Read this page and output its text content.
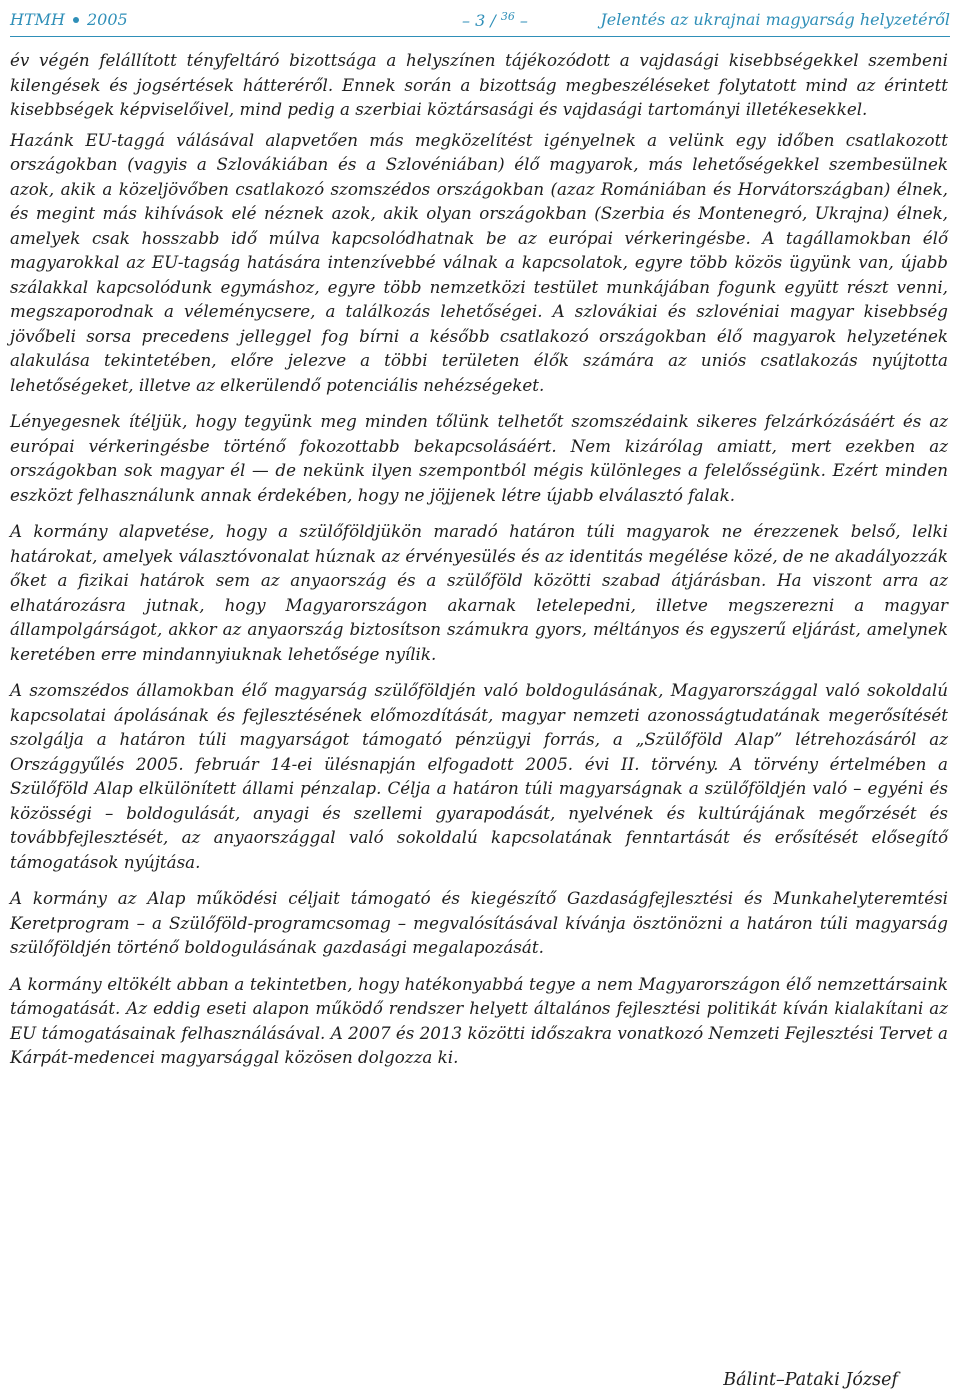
HTMH 2005	– 3 / $^{36}$ –	Jelentés az ukrajnai magyarság helyzetéről

év végén felállított tényfeltáró bizottsága a helyszínen tájékozódott a vajdasági kisebbségekkel szembeni kilengések és jogsértések hátteréről. Ennek során a bizottság megbeszéléseket folytatott mind az érintett kisebbségek képviselőivel, mind pedig a szerbiai köztársasági és vajdasági tartományi illetékesekkel.

Hazánk EU-taggá válásával alapvetően más megközelítést igényelnek a velünk egy időben csatlakozott országokban (vagyis a Szlovákiában és a Szlovéniában) élő magyarok, más lehetőségekkel szembesülnek azok, akik a közeljövőben csatlakozó szomszédos országokban (azaz Romániában és Horvátországban) élnek, és megint más kihívások elé néznek azok, akik olyan országokban (Szerbia és Montenegró, Ukrajna) élnek, amelyek csak hosszabb idő múlva kapcsolódhatnak be az európai vérkeringésbe. A tagállamokban élő magyarokkal az EU-tagság hatására intenzívebbé válnak a kapcsolatok, egyre több közös ügyünk van, újabb szálakkal kapcsolódunk egymáshoz, egyre több nemzetközi testület munkájában fogunk együtt részt venni, megszaporodnak a véleménycsere, a találkozás lehetőségei. A szlovákiai és szlovéniai magyar kisebbség jövőbeli sorsa precedens jelleggel fog bírni a később csatlakozó országokban élő magyarok helyzetének alakulása tekintetében, előre jelezve a többi területen élők számára az uniós csatlakozás nyújtotta lehetőségeket, illetve az elkerülendő potenciális nehézségeket.

Lényegesnek ítéljük, hogy tegyünk meg minden tőlünk telhetőt szomszédaink sikeres felzárkózásáért és az európai vérkeringésbe történő fokozottabb bekapcsolásáért. Nem kizárólag amiatt, mert ezekben az országokban sok magyar él — de nekünk ilyen szempontból mégis különleges a felelősségünk. Ezért minden eszközt felhasználunk annak érdekében, hogy ne jöjjenek létre újabb elválasztó falak.

A kormány alapvetése, hogy a szülőföldjükön maradó határon túli magyarok ne érezzenek belső, lelki határokat, amelyek választóvonalat húznak az érvényesülés és az identitás megélése közé, de ne akadályozzák őket a fizikai határok sem az anyaország és a szülőföld közötti szabad átjárásban. Ha viszont arra az elhatározásra jutnak, hogy Magyarországon akarnak letelepedni, illetve megszerezni a magyar állampolgárságot, akkor az anyaország biztosítson számukra gyors, méltányos és egyszerű eljárást, amelynek keretében erre mindannyiuknak lehetősége nyílik.

A szomszédos államokban élő magyarság szülőföldjén való boldogulásának, Magyarországgal való sokoldalú kapcsolatai ápolásának és fejlesztésének előmozdítását, magyar nemzeti azonosságtudatának megerősítését szolgálja a határon túli magyarságot támogató pénzügyi forrás, a „Szülőföld Alap” létrehozásáról az Országgyűlés 2005. február 14-ei ülésnapján elfogadott 2005. évi II. törvény. A törvény értelmében a Szülőföld Alap elkülönített állami pénzalap. Célja a határon túli magyarságnak a szülőföldjén való – egyéni és közösségi – boldogulását, anyagi és szellemi gyarapodását, nyelvének és kultúrájának megőrzését és továbbfejlesztését, az anyaországgal való sokoldalú kapcsolatának fenntartását és erősítését elősegítő támogatások nyújtása.

A kormány az Alap működési céljait támogató és kiegészítő Gazdaságfejlesztési és Munkahelyteremtési Keretprogram – a Szülőföld-programcsomag – megvalósításával kívánja ösztönözni a határon túli magyarság szülőföldjén történő boldogulásának gazdasági megalapozását.

A kormány eltökélt abban a tekintetben, hogy hatékonyabbá tegye a nem Magyarországon élő nemzettársaink támogatását. Az eddig eseti alapon működő rendszer helyett általános fejlesztési politikát kíván kialakítani az EU támogatásainak felhasználásával. A 2007 és 2013 közötti időszakra vonatkozó Nemzeti Fejlesztési Tervet a Kárpát-medencei magyarsággal közösen dolgozza ki.

Bálint–Pataki József
